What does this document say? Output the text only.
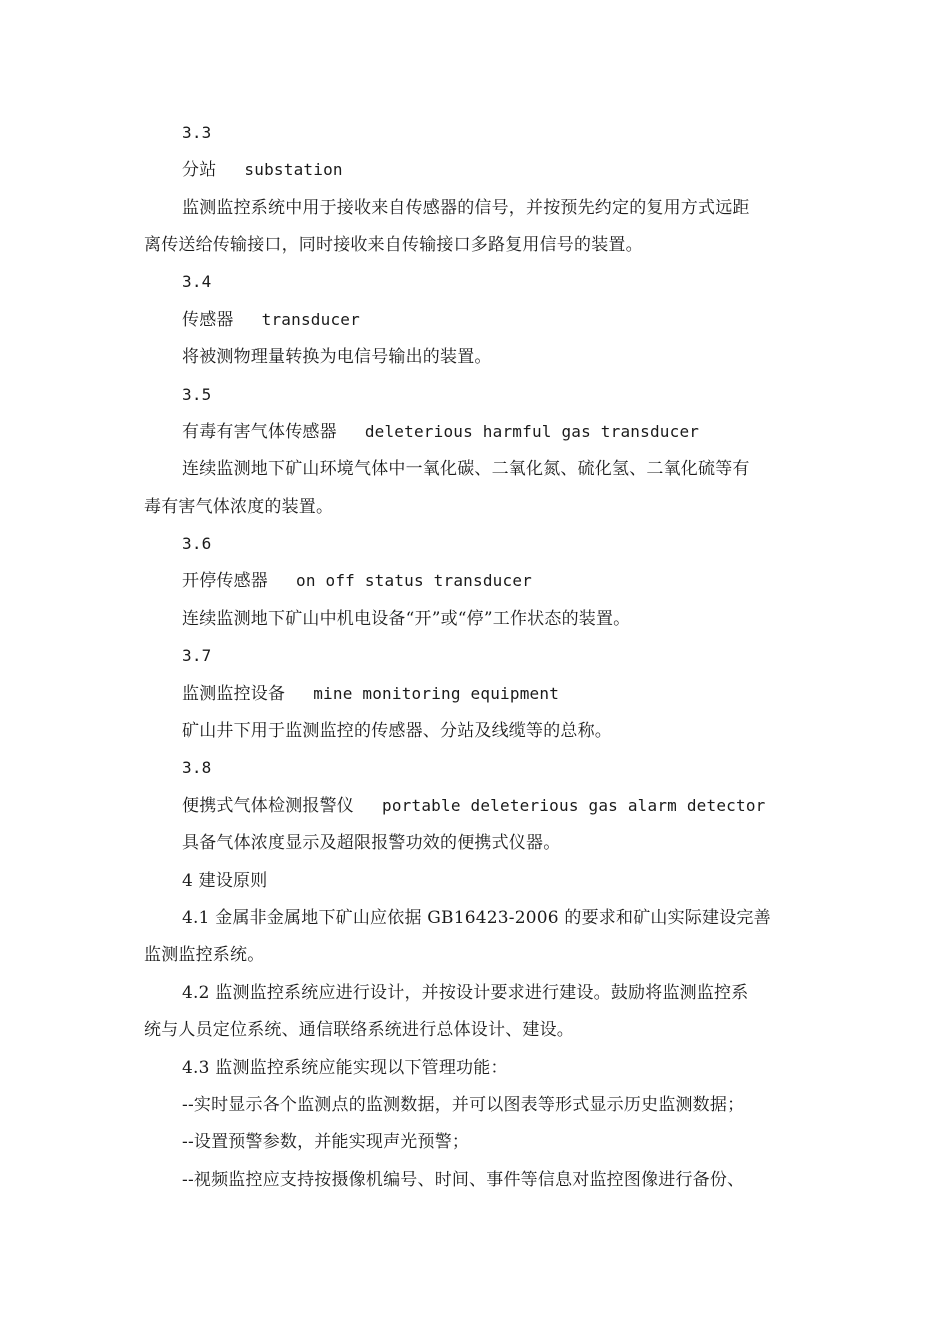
3.3
分站 substation
监测监控系统中用于接收来自传感器的信号，并按预先约定的复用方式远距
离传送给传输接口，同时接收来自传输接口多路复用信号的装置。
3.4
传感器 transducer
将被测物理量转换为电信号输出的装置。
3.5
有毒有害气体传感器 deleterious harmful gas transducer
连续监测地下矿山环境气体中一氧化碳、二氧化氮、硫化氢、二氧化硫等有
毒有害气体浓度的装置。
3.6
开停传感器 on off status transducer
连续监测地下矿山中机电设备“开”或“停”工作状态的装置。
3.7
监测监控设备 mine monitoring equipment
矿山井下用于监测监控的传感器、分站及线缆等的总称。
3.8
便携式气体检测报警仪 portable deleterious gas alarm detector
具备气体浓度显示及超限报警功效的便携式仪器。
4 建设原则
4.1 金属非金属地下矿山应依据 GB16423-2006 的要求和矿山实际建设完善
监测监控系统。
4.2 监测监控系统应进行设计，并按设计要求进行建设。鼓励将监测监控系
统与人员定位系统、通信联络系统进行总体设计、建设。
4.3 监测监控系统应能实现以下管理功能：
--实时显示各个监测点的监测数据，并可以图表等形式显示历史监测数据；
--设置预警参数，并能实现声光预警；
--视频监控应支持按摄像机编号、时间、事件等信息对监控图像进行备份、
